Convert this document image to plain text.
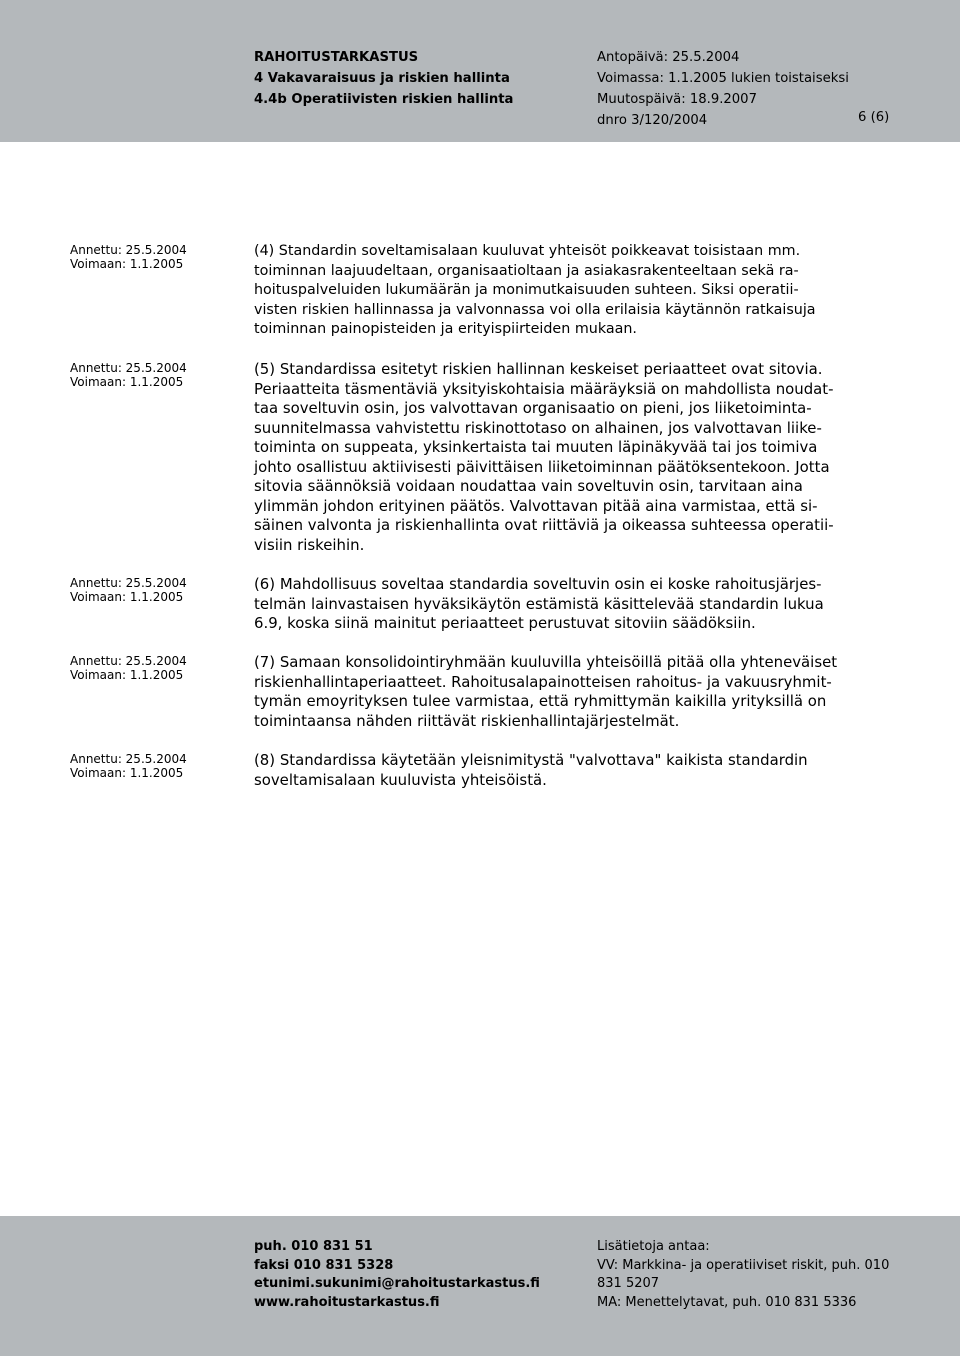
RAHOITUSTARKASTUS
4 Vakavaraisuus ja riskien hallinta
4.4b Operatiivisten riskien hallinta
Antopäivä: 25.5.2004
Voimassa: 1.1.2005 lukien toistaiseksi
Muutospäivä: 18.9.2007
dnro 3/120/2004	6 (6)
Annettu: 25.5.2004
Voimaan: 1.1.2005
Annettu: 25.5.2004
Voimaan: 1.1.2005
Annettu: 25.5.2004
Voimaan: 1.1.2005
Annettu: 25.5.2004
Voimaan: 1.1.2005
Annettu: 25.5.2004
Voimaan: 1.1.2005
(4) Standardin soveltamisalaan kuuluvat yhteisöt poikkeavat toisistaan mm.
toiminnan laajuudeltaan, organisaatioltaan ja asiakasrakenteeltaan sekä ra-
hoituspalveluiden lukumäärän ja monimutkaisuuden suhteen. Siksi operatii-
visten riskien hallinnassa ja valvonnassa voi olla erilaisia käytännön ratkaisuja
toiminnan painopisteiden ja erityispiirteiden mukaan.
(5) Standardissa esitetyt riskien hallinnan keskeiset periaatteet ovat sitovia.
Periaatteita täsmentäviä yksityiskohtaisia määräyksiä on mahdollista noudat-
taa soveltuvin osin, jos valvottavan organisaatio on pieni, jos liiketoiminta-
suunnitelmassa vahvistettu riskinottotaso on alhainen, jos valvottavan liike-
toiminta on suppeata, yksinkertaista tai muuten läpinäkyvää tai jos toimiva
johto osallistuu aktiivisesti päivittäisen liiketoiminnan päätöksentekoon. Jotta
sitovia säännöksiä voidaan noudattaa vain soveltuvin osin, tarvitaan aina
ylimmän johdon erityinen päätös. Valvottavan pitää aina varmistaa, että si-
säinen valvonta ja riskienhallinta ovat riittäviä ja oikeassa suhteessa operatii-
visiin riskeihin.
(6) Mahdollisuus soveltaa standardia soveltuvin osin ei koske rahoitusjärjes-
telmän lainvastaisen hyväksikäytön estämistä käsittelevää standardin lukua
6.9, koska siinä mainitut periaatteet perustuvat sitoviin säädöksiin.
(7) Samaan konsolidointiryhmään kuuluvilla yhteisöillä pitää olla yhteneväiset
riskienhallintaperiaatteet. Rahoitusalapainotteisen rahoitus- ja vakuusryhmit-
tymän emoyrityksen tulee varmistaa, että ryhmittymän kaikilla yrityksillä on
toimintaansa nähden riittävät riskienhallintajärjestelmät.
(8) Standardissa käytetään yleisnimitystä "valvottava" kaikista standardin
soveltamisalaan kuuluvista yhteisöistä.
puh. 010 831 51
faksi 010 831 5328
etunimi.sukunimi@rahoitustarkastus.fi
www.rahoitustarkastus.fi
Lisätietoja antaa:
VV: Markkina- ja operatiiviset riskit, puh. 010
831 5207
MA: Menettelytavat, puh. 010 831 5336
